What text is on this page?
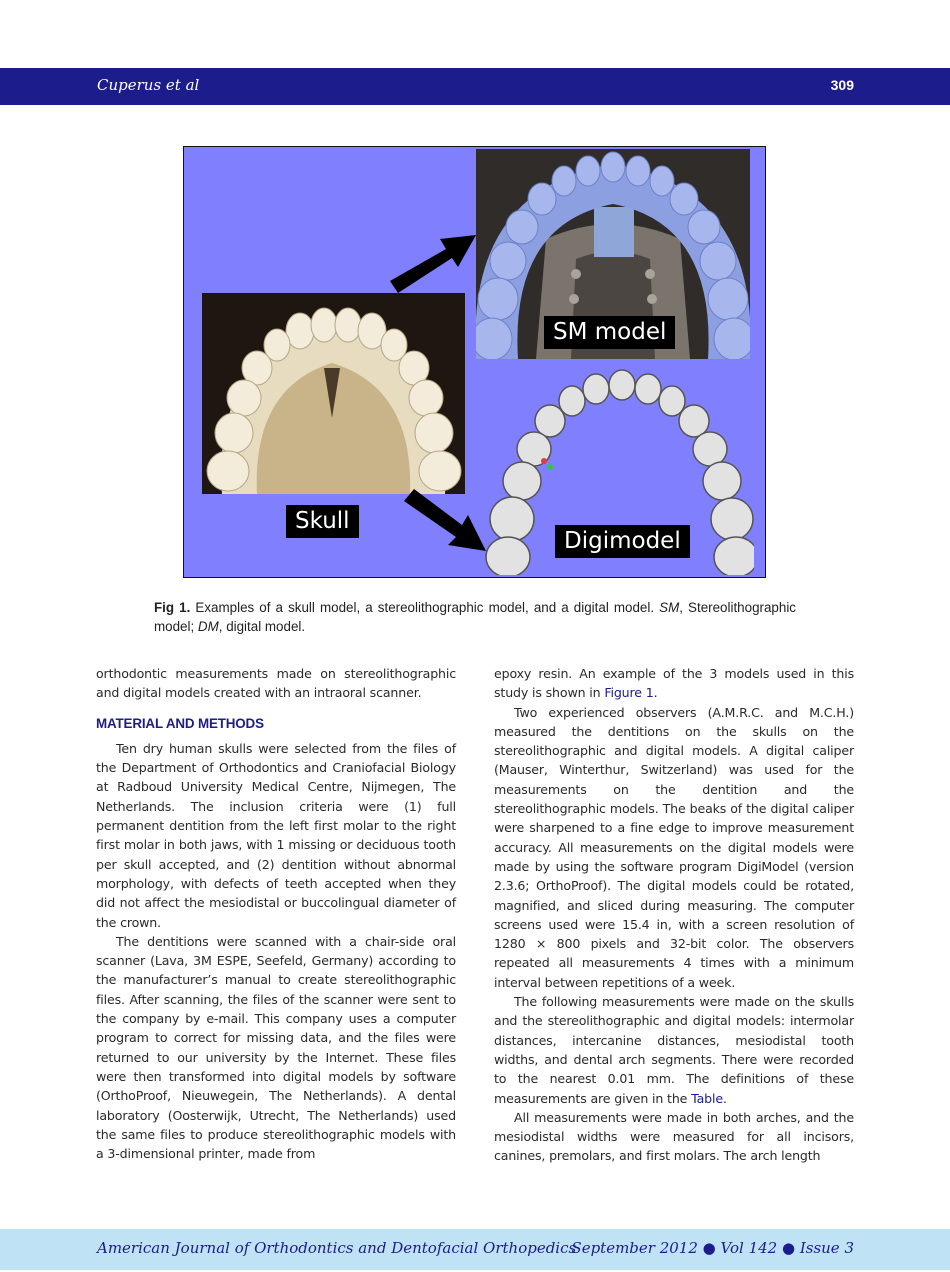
Cuperus et al	309
Skull
SM model
Digimodel
Fig 1. Examples of a skull model, a stereolithographic model, and a digital model. SM, Stereolithographic model; DM, digital model.

orthodontic measurements made on stereolithographic and digital models created with an intraoral scanner.

MATERIAL AND METHODS

Ten dry human skulls were selected from the files of the Department of Orthodontics and Craniofacial Biology at Radboud University Medical Centre, Nijmegen, The Netherlands. The inclusion criteria were (1) full permanent dentition from the left first molar to the right first molar in both jaws, with 1 missing or deciduous tooth per skull accepted, and (2) dentition without abnormal morphology, with defects of teeth accepted when they did not affect the mesiodistal or buccolingual diameter of the crown.

The dentitions were scanned with a chair-side oral scanner (Lava, 3M ESPE, Seefeld, Germany) according to the manufacturer’s manual to create stereolithographic files. After scanning, the files of the scanner were sent to the company by e-mail. This company uses a computer program to correct for missing data, and the files were returned to our university by the Internet. These files were then transformed into digital models by software (OrthoProof, Nieuwegein, The Netherlands). A dental laboratory (Oosterwijk, Utrecht, The Netherlands) used the same files to produce stereolithographic models with a 3-dimensional printer, made from

epoxy resin. An example of the 3 models used in this study is shown in Figure 1.

Two experienced observers (A.M.R.C. and M.C.H.) measured the dentitions on the skulls on the stereolithographic and digital models. A digital caliper (Mauser, Winterthur, Switzerland) was used for the measurements on the dentition and the stereolithographic models. The beaks of the digital caliper were sharpened to a fine edge to improve measurement accuracy. All measurements on the digital models were made by using the software program DigiModel (version 2.3.6; OrthoProof). The digital models could be rotated, magnified, and sliced during measuring. The computer screens used were 15.4 in, with a screen resolution of 1280 × 800 pixels and 32-bit color. The observers repeated all measurements 4 times with a minimum interval between repetitions of a week.

The following measurements were made on the skulls and the stereolithographic and digital models: intermolar distances, intercanine distances, mesiodistal tooth widths, and dental arch segments. There were recorded to the nearest 0.01 mm. The definitions of these measurements are given in the Table.

All measurements were made in both arches, and the mesiodistal widths were measured for all incisors, canines, premolars, and first molars. The arch length

American Journal of Orthodontics and Dentofacial Orthopedics
September 2012 ● Vol 142 ● Issue 3
